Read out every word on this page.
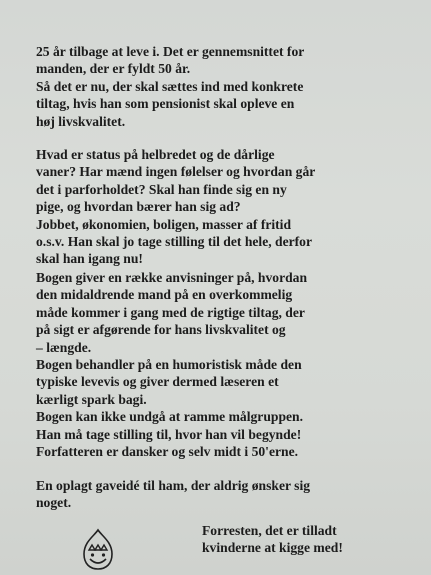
25 år tilbage at leve i. Det er gennemsnittet for
manden, der er fyldt 50 år.
Så det er nu, der skal sættes ind med konkrete
tiltag, hvis han som pensionist skal opleve en
høj livskvalitet.
Hvad er status på helbredet og de dårlige
vaner? Har mænd ingen følelser og hvordan går
det i parforholdet? Skal han finde sig en ny
pige, og hvordan bærer han sig ad?
Jobbet, økonomien, boligen, masser af fritid
o.s.v. Han skal jo tage stilling til det hele, derfor
skal han igang nu!
Bogen giver en række anvisninger på, hvordan
den midaldrende mand på en overkommelig
måde kommer i gang med de rigtige tiltag, der
på sigt er afgørende for hans livskvalitet og
– længde.
Bogen behandler på en humoristisk måde den
typiske levevis og giver dermed læseren et
kærligt spark bagi.
Bogen kan ikke undgå at ramme målgruppen.
Han må tage stilling til, hvor han vil begynde!
Forfatteren er dansker og selv midt i 50'erne.
En oplagt gaveidé til ham, der aldrig ønsker sig
noget.
Forresten, det er tilladt
kvinderne at kigge med!
